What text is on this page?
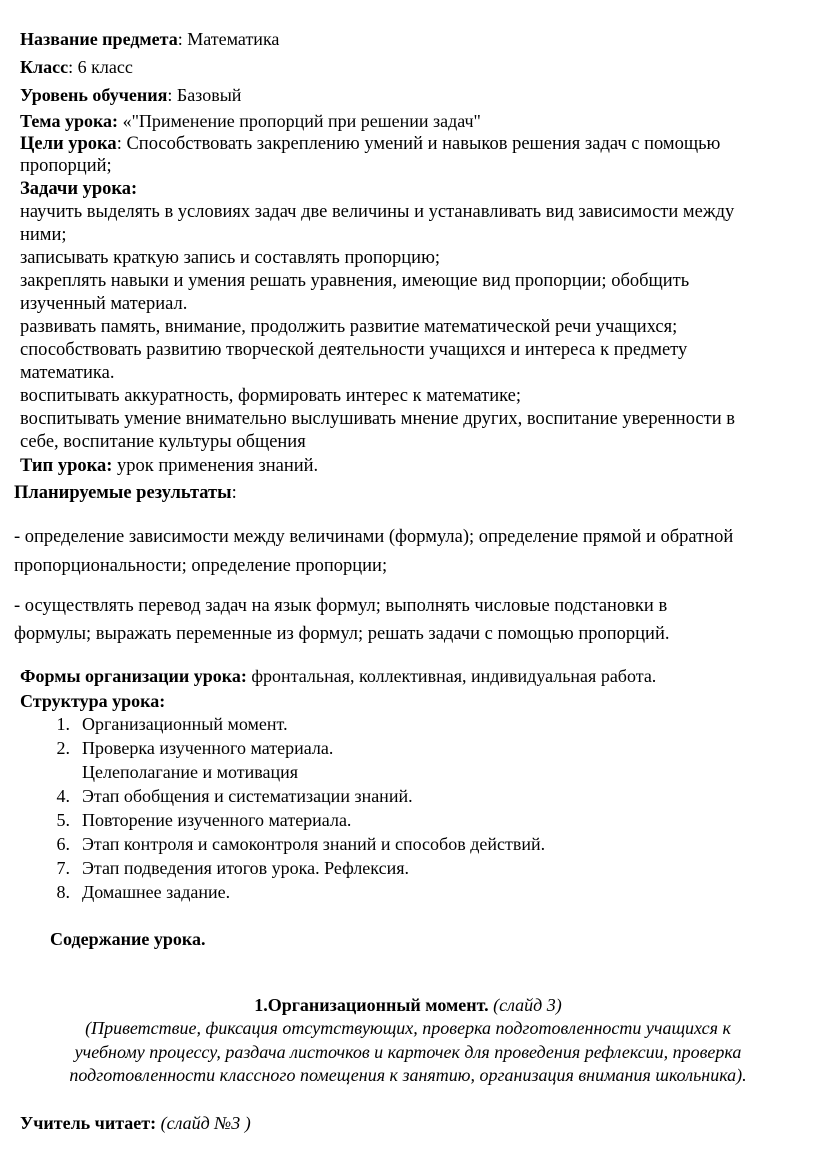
Название предмета: Математика
Класс: 6 класс
Уровень обучения: Базовый
Тема урока: «"Применение пропорций при решении задач"
Цели урока: Способствовать закреплению умений и навыков решения задач с помощью
пропорций;
Задачи урока:
научить выделять в условиях задач две величины и устанавливать вид зависимости между
ними;
записывать краткую запись и составлять пропорцию;
закреплять навыки и умения решать уравнения, имеющие вид пропорции; обобщить
изученный материал.
развивать память, внимание, продолжить развитие математической речи учащихся;
способствовать развитию творческой деятельности учащихся и интереса к предмету
математика.
воспитывать аккуратность, формировать интерес к математике;
воспитывать умение внимательно выслушивать мнение других, воспитание уверенности в
себе, воспитание культуры общения
Тип урока: урок применения знаний.
Планируемые результаты:
- определение зависимости между величинами (формула); определение прямой и обратной
пропорциональности; определение пропорции;
- осуществлять перевод задач на язык формул; выполнять числовые подстановки в
формулы; выражать переменные из формул; решать задачи с помощью пропорций.
Формы организации урока: фронтальная, коллективная, индивидуальная работа.
Структура урока:
1. Организационный момент.
2. Проверка изученного материала.
Целеполагание и мотивация
4. Этап обобщения и систематизации знаний.
5. Повторение изученного материала.
6. Этап контроля и самоконтроля знаний и способов действий.
7. Этап подведения итогов урока. Рефлексия.
8. Домашнее задание.
Содержание урока.
1.Организационный момент. (слайд 3)
(Приветствие, фиксация отсутствующих, проверка подготовленности учащихся к
учебному процессу, раздача листочков и карточек для проведения рефлексии, проверка
подготовленности классного помещения к занятию, организация внимания школьника).
Учитель читает: (слайд №3 )
